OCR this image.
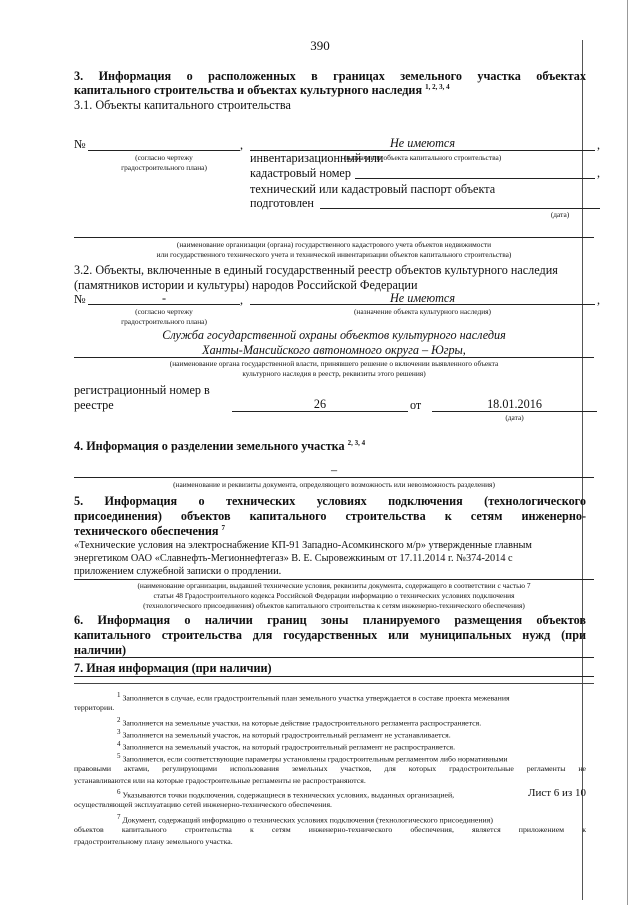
390
3. Информация о расположенных в границах земельного участка объектах
капитального строительства и объектах культурного наследия $^{1, 2, 3, 4}$
3.1. Объекты капитального строительства
№	,	Не имеются	,
(согласно чертежу
градостроительного плана)
(назначение объекта капитального строительства)
инвентаризационный или
кадастровый номер	,
технический или кадастровый паспорт объекта
подготовлен
(дата)
(наименование организации (органа) государственного кадастрового учета объектов недвижимости
или государственного технического учета и технической инвентаризации объектов капитального строительства)
3.2. Объекты, включенные в единый государственный реестр объектов культурного наследия
(памятников истории и культуры) народов Российской Федерации
№	-	,	Не имеются	,
(согласно чертежу
градостроительного плана)
(назначение объекта культурного наследия)
Служба государственной охраны объектов культурного наследия
Ханты-Мансийского автономного округа – Югры,
(наименование органа государственной власти, принявшего решение о включении выявленного объекта
культурного наследия в реестр, реквизиты этого решения)
регистрационный номер в
реестре	26	от	18.01.2016
(дата)
4. Информация о разделении земельного участка $^{2, 3, 4}$
–
(наименование и реквизиты документа, определяющего возможность или невозможность разделения)
5. Информация о технических условиях подключения (технологического
присоединения) объектов капитального строительства к сетям инженерно-
технического обеспечения $^7$
«Технические условия на электроснабжение КП-91 Западно-Асомкинского м/р» утвержденные главным
энергетиком ОАО «Славнефть-Мегионнефтегаз» В. Е. Сыровежкиным от 17.11.2014 г. №374-2014 с
приложением служебной записки о продлении.
(наименование организации, выдавшей технические условия, реквизиты документа, содержащего в соответствии с частью 7
статьи 48 Градостроительного кодекса Российской Федерации информацию о технических условиях подключения
(технологического присоединения) объектов капитального строительства к сетям инженерно-технического обеспечения)
6. Информация о наличии границ зоны планируемого размещения объектов
капитального строительства для государственных или муниципальных нужд (при
наличии)
7. Иная информация (при наличии)
$^1$ Заполняется в случае, если градостроительный план земельного участка утверждается в составе проекта межевания
территории.
$^2$ Заполняется на земельные участки, на которые действие градостроительного регламента распространяется.
$^3$ Заполняется на земельный участок, на который градостроительный регламент не устанавливается.
$^4$ Заполняется на земельный участок, на который градостроительный регламент не распространяется.
$^5$ Заполняется, если соответствующие параметры установлены градостроительным регламентом либо нормативными
правовыми актами, регулирующими использования земельных участков, для которых градостроительные регламенты не
устанавливаются или на которые градостроительные регламенты не распространяются.
$^6$ Указываются точки подключения, содержащиеся в технических условиях, выданных организацией,
осуществляющей эксплуатацию сетей инженерно-технического обеспечения.
Лист 6 из 10
$^7$ Документ, содержащий информацию о технических условиях подключения (технологического присоединения)
объектов капитального строительства к сетям инженерно-технического обеспечения, является приложением к
градостроительному плану земельного участка.
